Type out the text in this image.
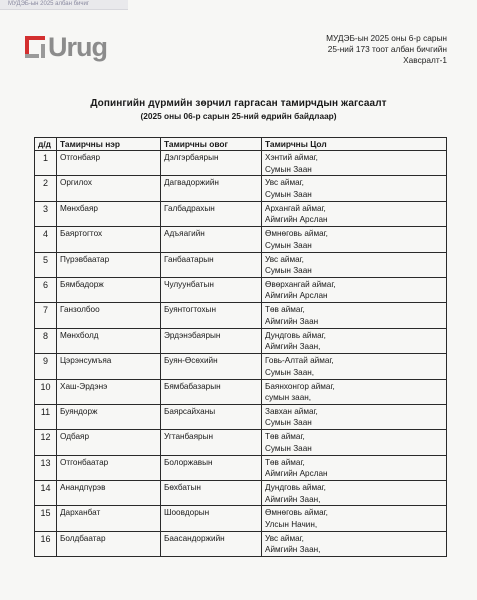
МУДЭБ-ын 2025 албан бичиг
Urug	МУДЭБ-ын 2025 оны 6-р сарын
25-ний 173 тоот албан бичгийн
Хавсралт-1
Допингийн дүрмийн зөрчил гаргасан тамирчдын жагсаалт
(2025 оны 06-р сарын 25-ний өдрийн байдлаар)
д/д	Тамирчны нэр	Тамирчны овог	Тамирчны Цол
1	Отгонбаяр	Дэлгэрбаярын	Хэнтий аймаг,
Сумын Заан

2	Оргилох	Дагвадоржийн	Увс аймаг,
Сумын Заан

3	Мөнхбаяр	Галбадрахын	Архангай аймаг,
Аймгийн Арслан

4	Баяртогтох	Адъяагийн	Өмнөговь аймаг,
Сумын Заан

5	Пүрэвбаатар	Ганбаатарын	Увс аймаг,
Сумын Заан

6	Бямбадорж	Чулуунбатын	Өвөрхангай аймаг,
Аймгийн Арслан

7	Ганзолбоо	Буянтогтохын	Төв аймаг,
Аймгийн Заан

8	Мөнхболд	Эрдэнэбаярын	Дундговь аймаг,
Аймгийн Заан,

9	Цэрэнсумъяа	Буян-Өсөхийн	Говь-Алтай аймаг,
Сумын Заан,

10	Хаш-Эрдэнэ	Бямбабазарын	Баянхонгор аймаг,
сумын заан,

11	Буяндорж	Баярсайханы	Завхан аймаг,
Сумын Заан

12	Одбаяр	Угтанбаярын	Төв аймаг,
Сумын Заан

13	Отгонбаатар	Болоржавын	Төв аймаг,
Аймгийн Арслан

14	Анандпүрэв	Бөхбатын	Дундговь аймаг,
Аймгийн Заан,

15	Дарханбат	Шоовдорын	Өмнөговь аймаг,
Улсын Начин,

16	Болдбаатар	Баасандоржийн	Увс аймаг,
Аймгийн Заан,
